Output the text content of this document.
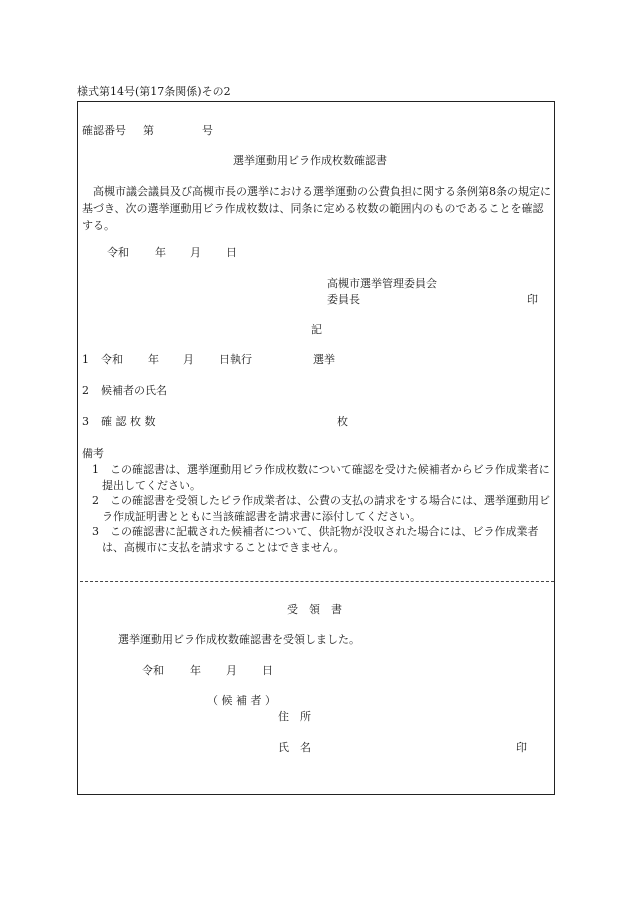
様式第14号(第17条関係)その2
確認番号 第	号
選挙運動用ビラ作成枚数確認書
高槻市議会議員及び高槻市長の選挙における選挙運動の公費負担に関する条例第8条の規定に基づき、次の選挙運動用ビラ作成枚数は、同条に定める枚数の範囲内のものであることを確認する。
令和 年 月 日
高槻市選挙管理委員会
委員長	印
記
1 令和 年 月 日執行	選挙
2 候補者の氏名
3 確 認 枚 数	枚
備考
1　この確認書は、選挙運動用ビラ作成枚数について確認を受けた候補者からビラ作成業者に提出してください。
2　この確認書を受領したビラ作成業者は、公費の支払の請求をする場合には、選挙運動用ビラ作成証明書とともに当該確認書を請求書に添付してください。
3　この確認書に記載された候補者について、供託物が没収された場合には、ビラ作成業者は、高槻市に支払を請求することはできません。
受　領　書
選挙運動用ビラ作成枚数確認書を受領しました。
令和 年 月 日
（ 候 補 者 ）
住　所
氏　名	印
